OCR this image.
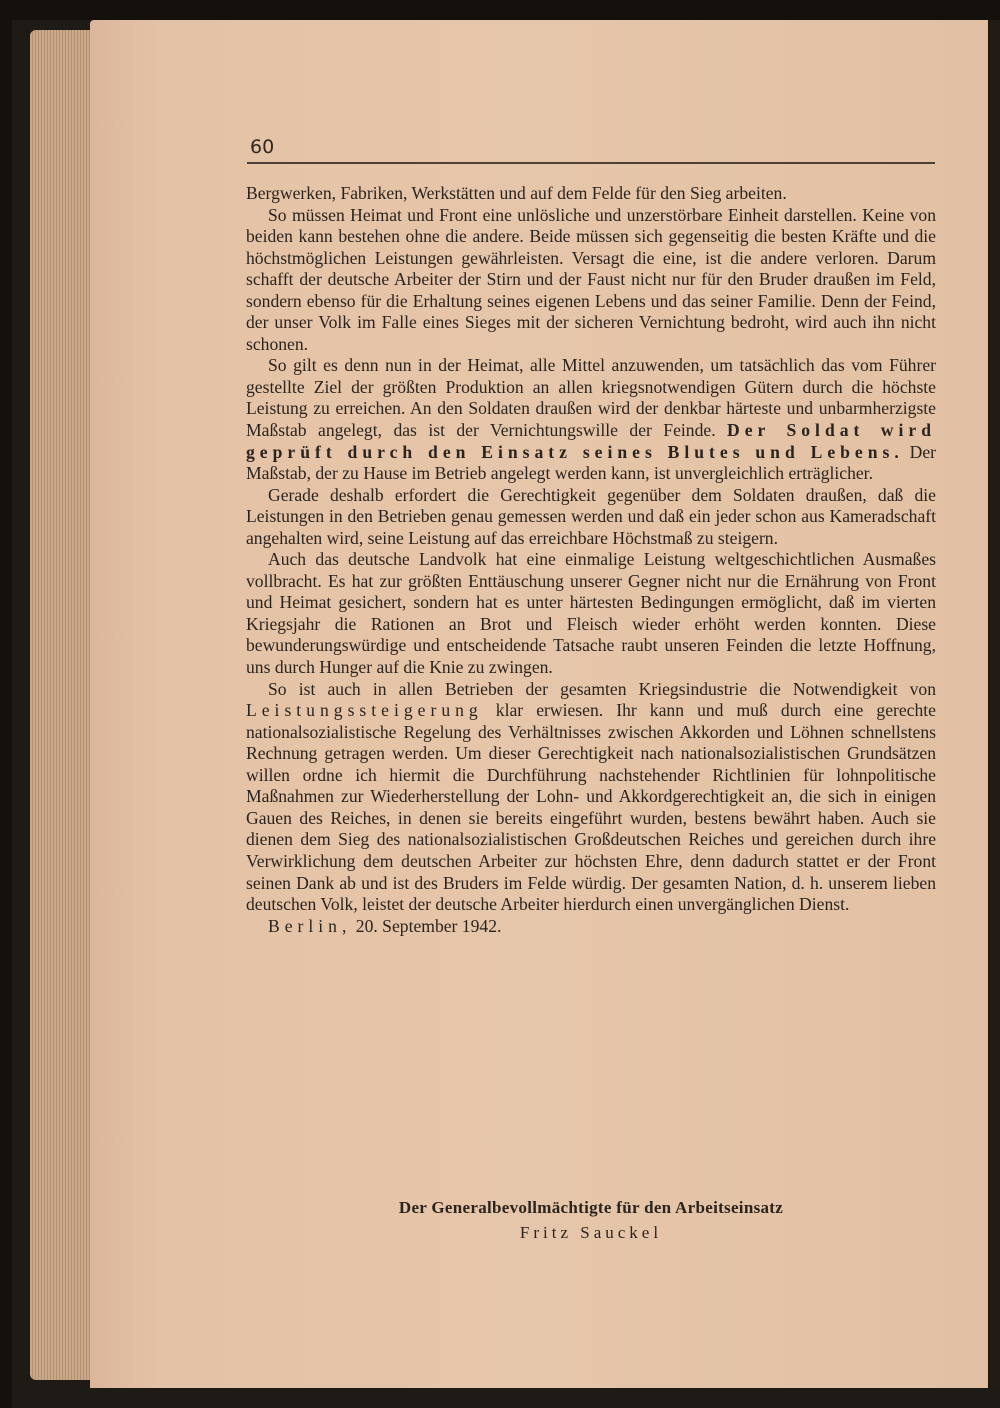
60

Bergwerken, Fabriken, Werkstätten und auf dem Felde für den Sieg arbeiten.

So müssen Heimat und Front eine unlösliche und unzerstörbare Einheit darstellen. Keine von beiden kann bestehen ohne die andere. Beide müssen sich gegenseitig die besten Kräfte und die höchstmöglichen Leistungen gewährleisten. Versagt die eine, ist die andere verloren. Darum schafft der deutsche Arbeiter der Stirn und der Faust nicht nur für den Bruder draußen im Feld, sondern ebenso für die Erhaltung seines eigenen Lebens und das seiner Familie. Denn der Feind, der unser Volk im Falle eines Sieges mit der sicheren Vernichtung bedroht, wird auch ihn nicht schonen.

So gilt es denn nun in der Heimat, alle Mittel anzuwenden, um tatsächlich das vom Führer gestellte Ziel der größten Produktion an allen kriegsnotwendigen Gütern durch die höchste Leistung zu erreichen. An den Soldaten draußen wird der denkbar härteste und unbarmherzigste Maßstab angelegt, das ist der Vernichtungswille der Feinde. Der Soldat wird geprüft durch den Einsatz seines Blutes und Lebens. Der Maßstab, der zu Hause im Betrieb angelegt werden kann, ist unvergleichlich erträglicher.

Gerade deshalb erfordert die Gerechtigkeit gegenüber dem Soldaten draußen, daß die Leistungen in den Betrieben genau gemessen werden und daß ein jeder schon aus Kameradschaft angehalten wird, seine Leistung auf das erreichbare Höchstmaß zu steigern.

Auch das deutsche Landvolk hat eine einmalige Leistung weltgeschichtlichen Ausmaßes vollbracht. Es hat zur größten Enttäuschung unserer Gegner nicht nur die Ernährung von Front und Heimat gesichert, sondern hat es unter härtesten Bedingungen ermöglicht, daß im vierten Kriegsjahr die Rationen an Brot und Fleisch wieder erhöht werden konnten. Diese bewunderungswürdige und entscheidende Tatsache raubt unseren Feinden die letzte Hoffnung, uns durch Hunger auf die Knie zu zwingen.

So ist auch in allen Betrieben der gesamten Kriegsindustrie die Notwendigkeit von Leistungssteigerung klar erwiesen. Ihr kann und muß durch eine gerechte nationalsozialistische Regelung des Verhältnisses zwischen Akkorden und Löhnen schnellstens Rechnung getragen werden. Um dieser Gerechtigkeit nach nationalsozialistischen Grundsätzen willen ordne ich hiermit die Durchführung nachstehender Richtlinien für lohnpolitische Maßnahmen zur Wiederherstellung der Lohn- und Akkordgerechtigkeit an, die sich in einigen Gauen des Reiches, in denen sie bereits eingeführt wurden, bestens bewährt haben. Auch sie dienen dem Sieg des nationalsozialistischen Großdeutschen Reiches und gereichen durch ihre Verwirklichung dem deutschen Arbeiter zur höchsten Ehre, denn dadurch stattet er der Front seinen Dank ab und ist des Bruders im Felde würdig. Der gesamten Nation, d. h. unserem lieben deutschen Volk, leistet der deutsche Arbeiter hierdurch einen unvergänglichen Dienst.

Berlin, 20. September 1942.

Der Generalbevollmächtigte für den Arbeitseinsatz
Fritz Sauckel
